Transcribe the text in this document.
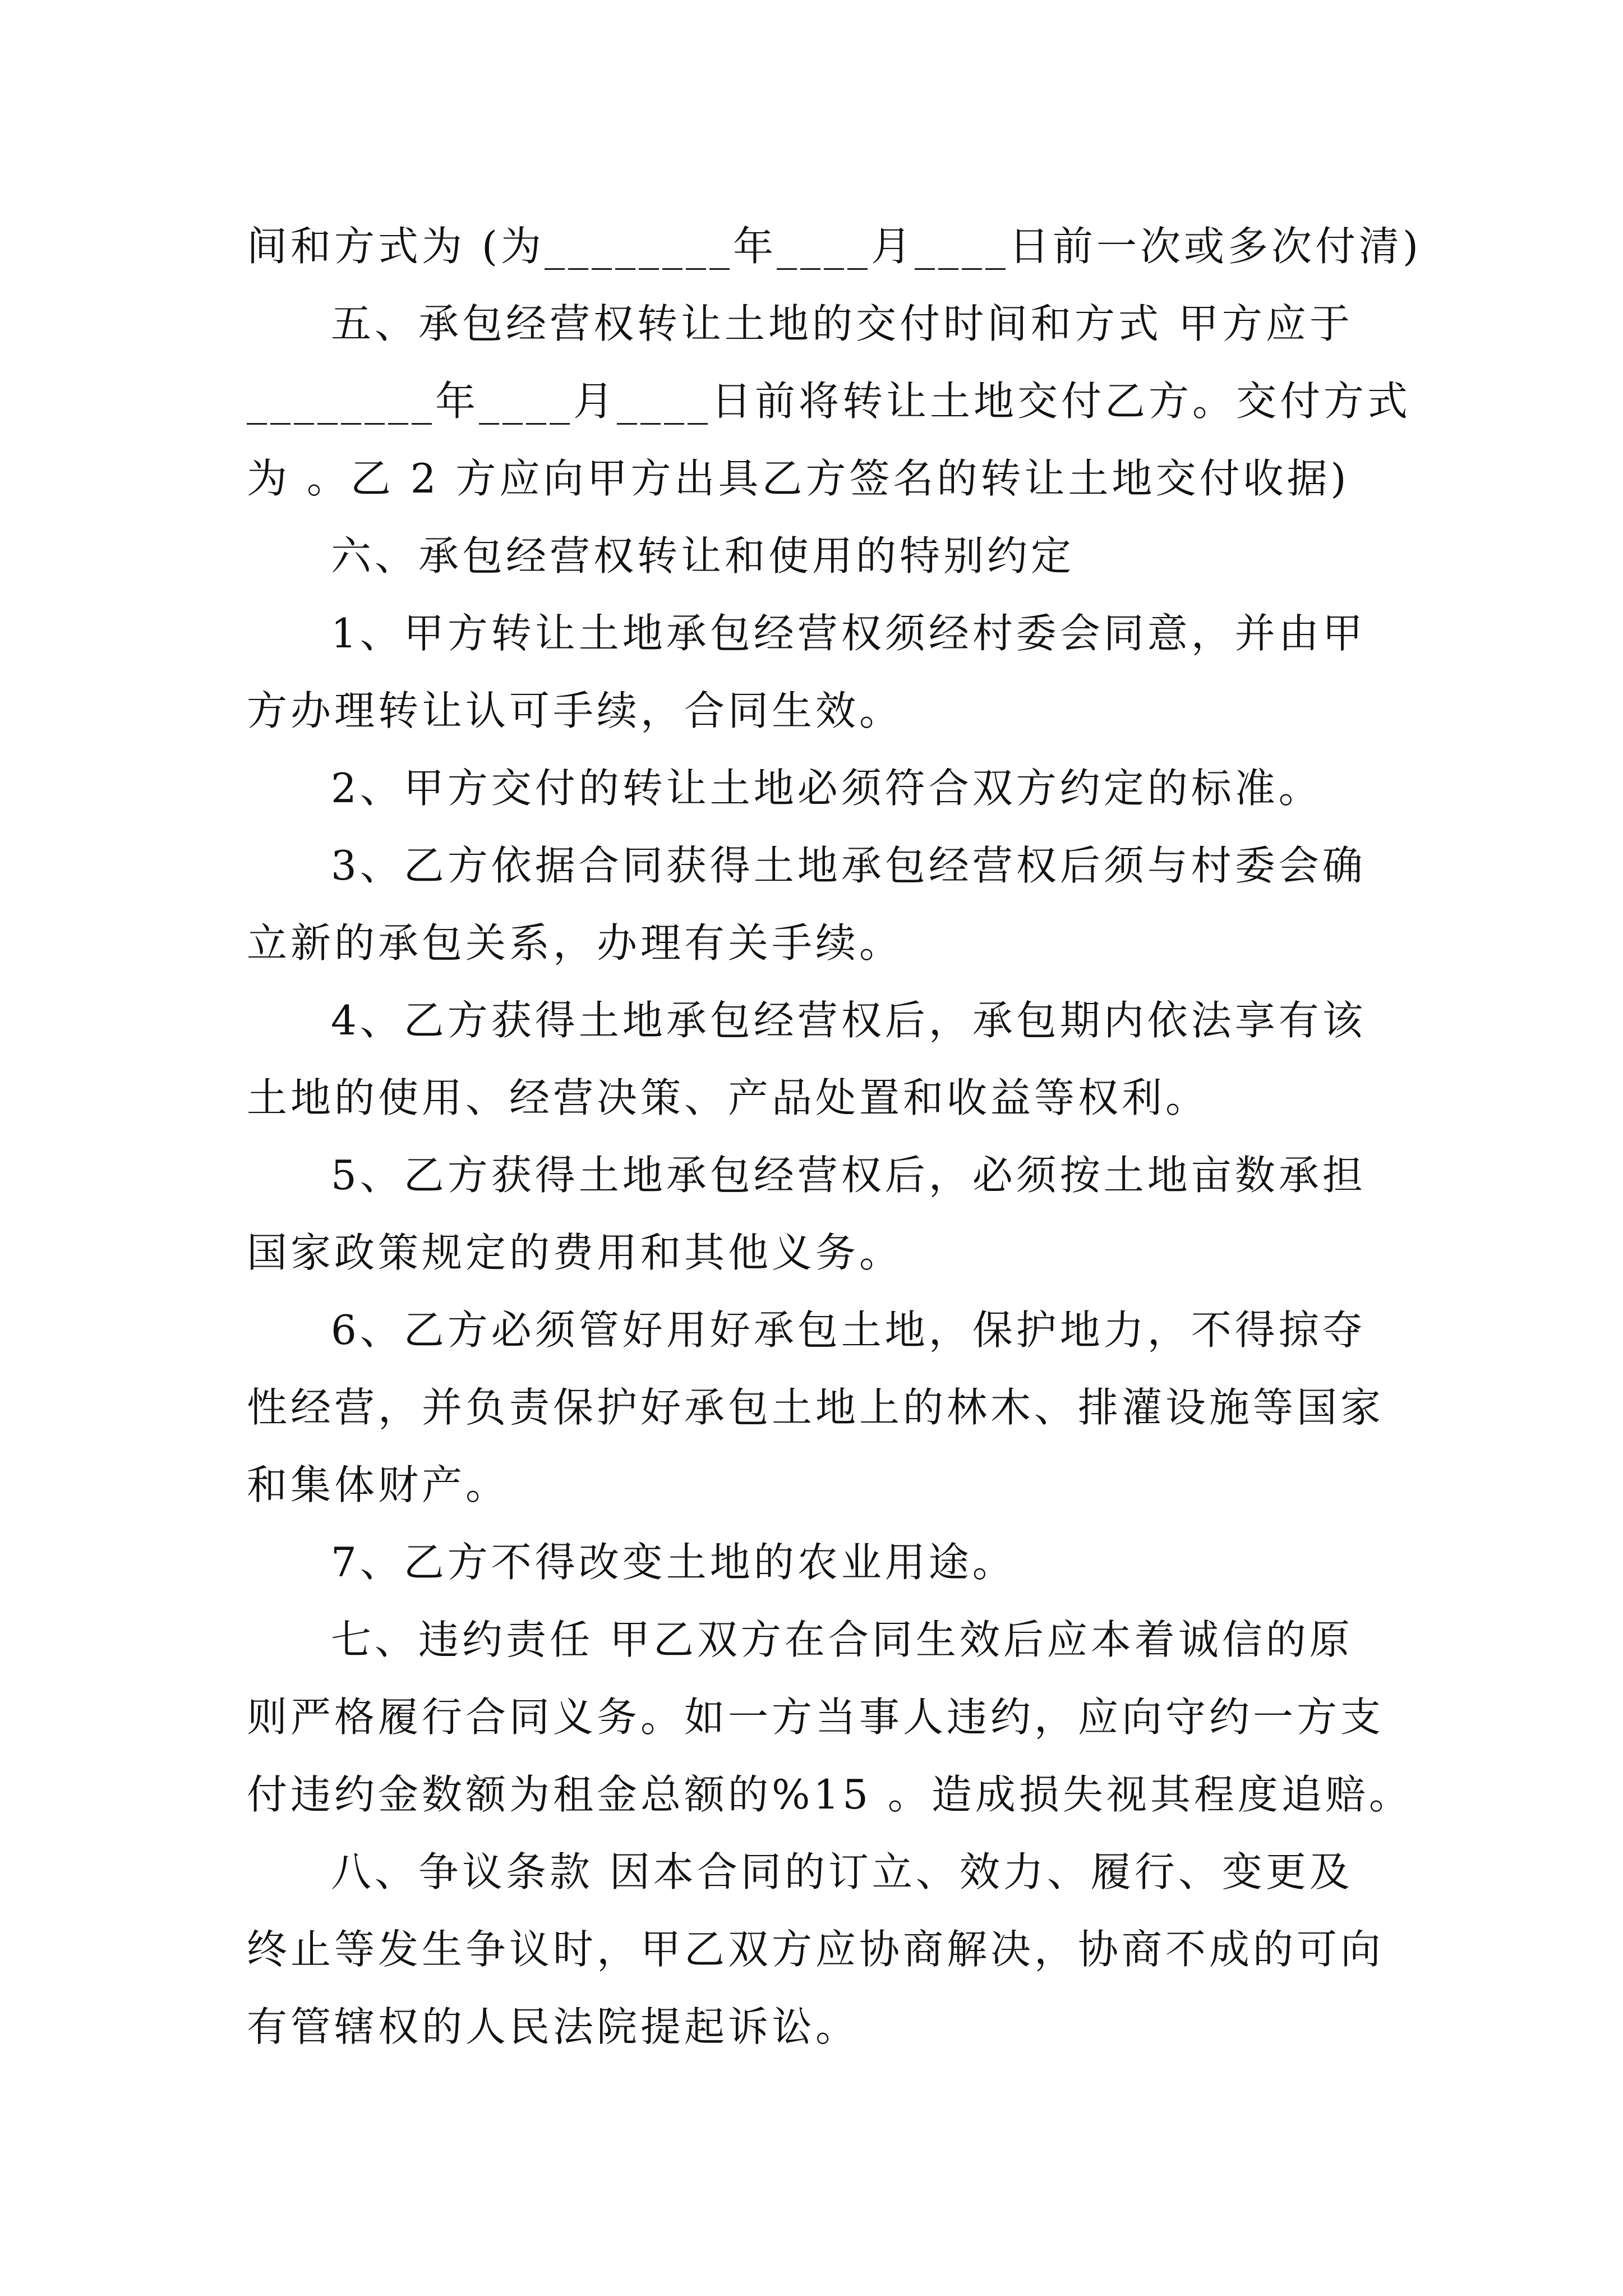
间和方式为 (为________年____月____日前一次或多次付清)

五、承包经营权转让土地的交付时间和方式 甲方应于
________年____月____日前将转让土地交付乙方。交付方式
为 。乙 2 方应向甲方出具乙方签名的转让土地交付收据)

六、承包经营权转让和使用的特别约定

1、甲方转让土地承包经营权须经村委会同意，并由甲
方办理转让认可手续，合同生效。

2、甲方交付的转让土地必须符合双方约定的标准。

3、乙方依据合同获得土地承包经营权后须与村委会确
立新的承包关系，办理有关手续。

4、乙方获得土地承包经营权后，承包期内依法享有该
土地的使用、经营决策、产品处置和收益等权利。

5、乙方获得土地承包经营权后，必须按土地亩数承担
国家政策规定的费用和其他义务。

6、乙方必须管好用好承包土地，保护地力，不得掠夺
性经营，并负责保护好承包土地上的林木、排灌设施等国家
和集体财产。

7、乙方不得改变土地的农业用途。

七、违约责任 甲乙双方在合同生效后应本着诚信的原
则严格履行合同义务。如一方当事人违约，应向守约一方支
付违约金数额为租金总额的%15 。造成损失视其程度追赔。

八、争议条款 因本合同的订立、效力、履行、变更及
终止等发生争议时，甲乙双方应协商解决，协商不成的可向
有管辖权的人民法院提起诉讼。
